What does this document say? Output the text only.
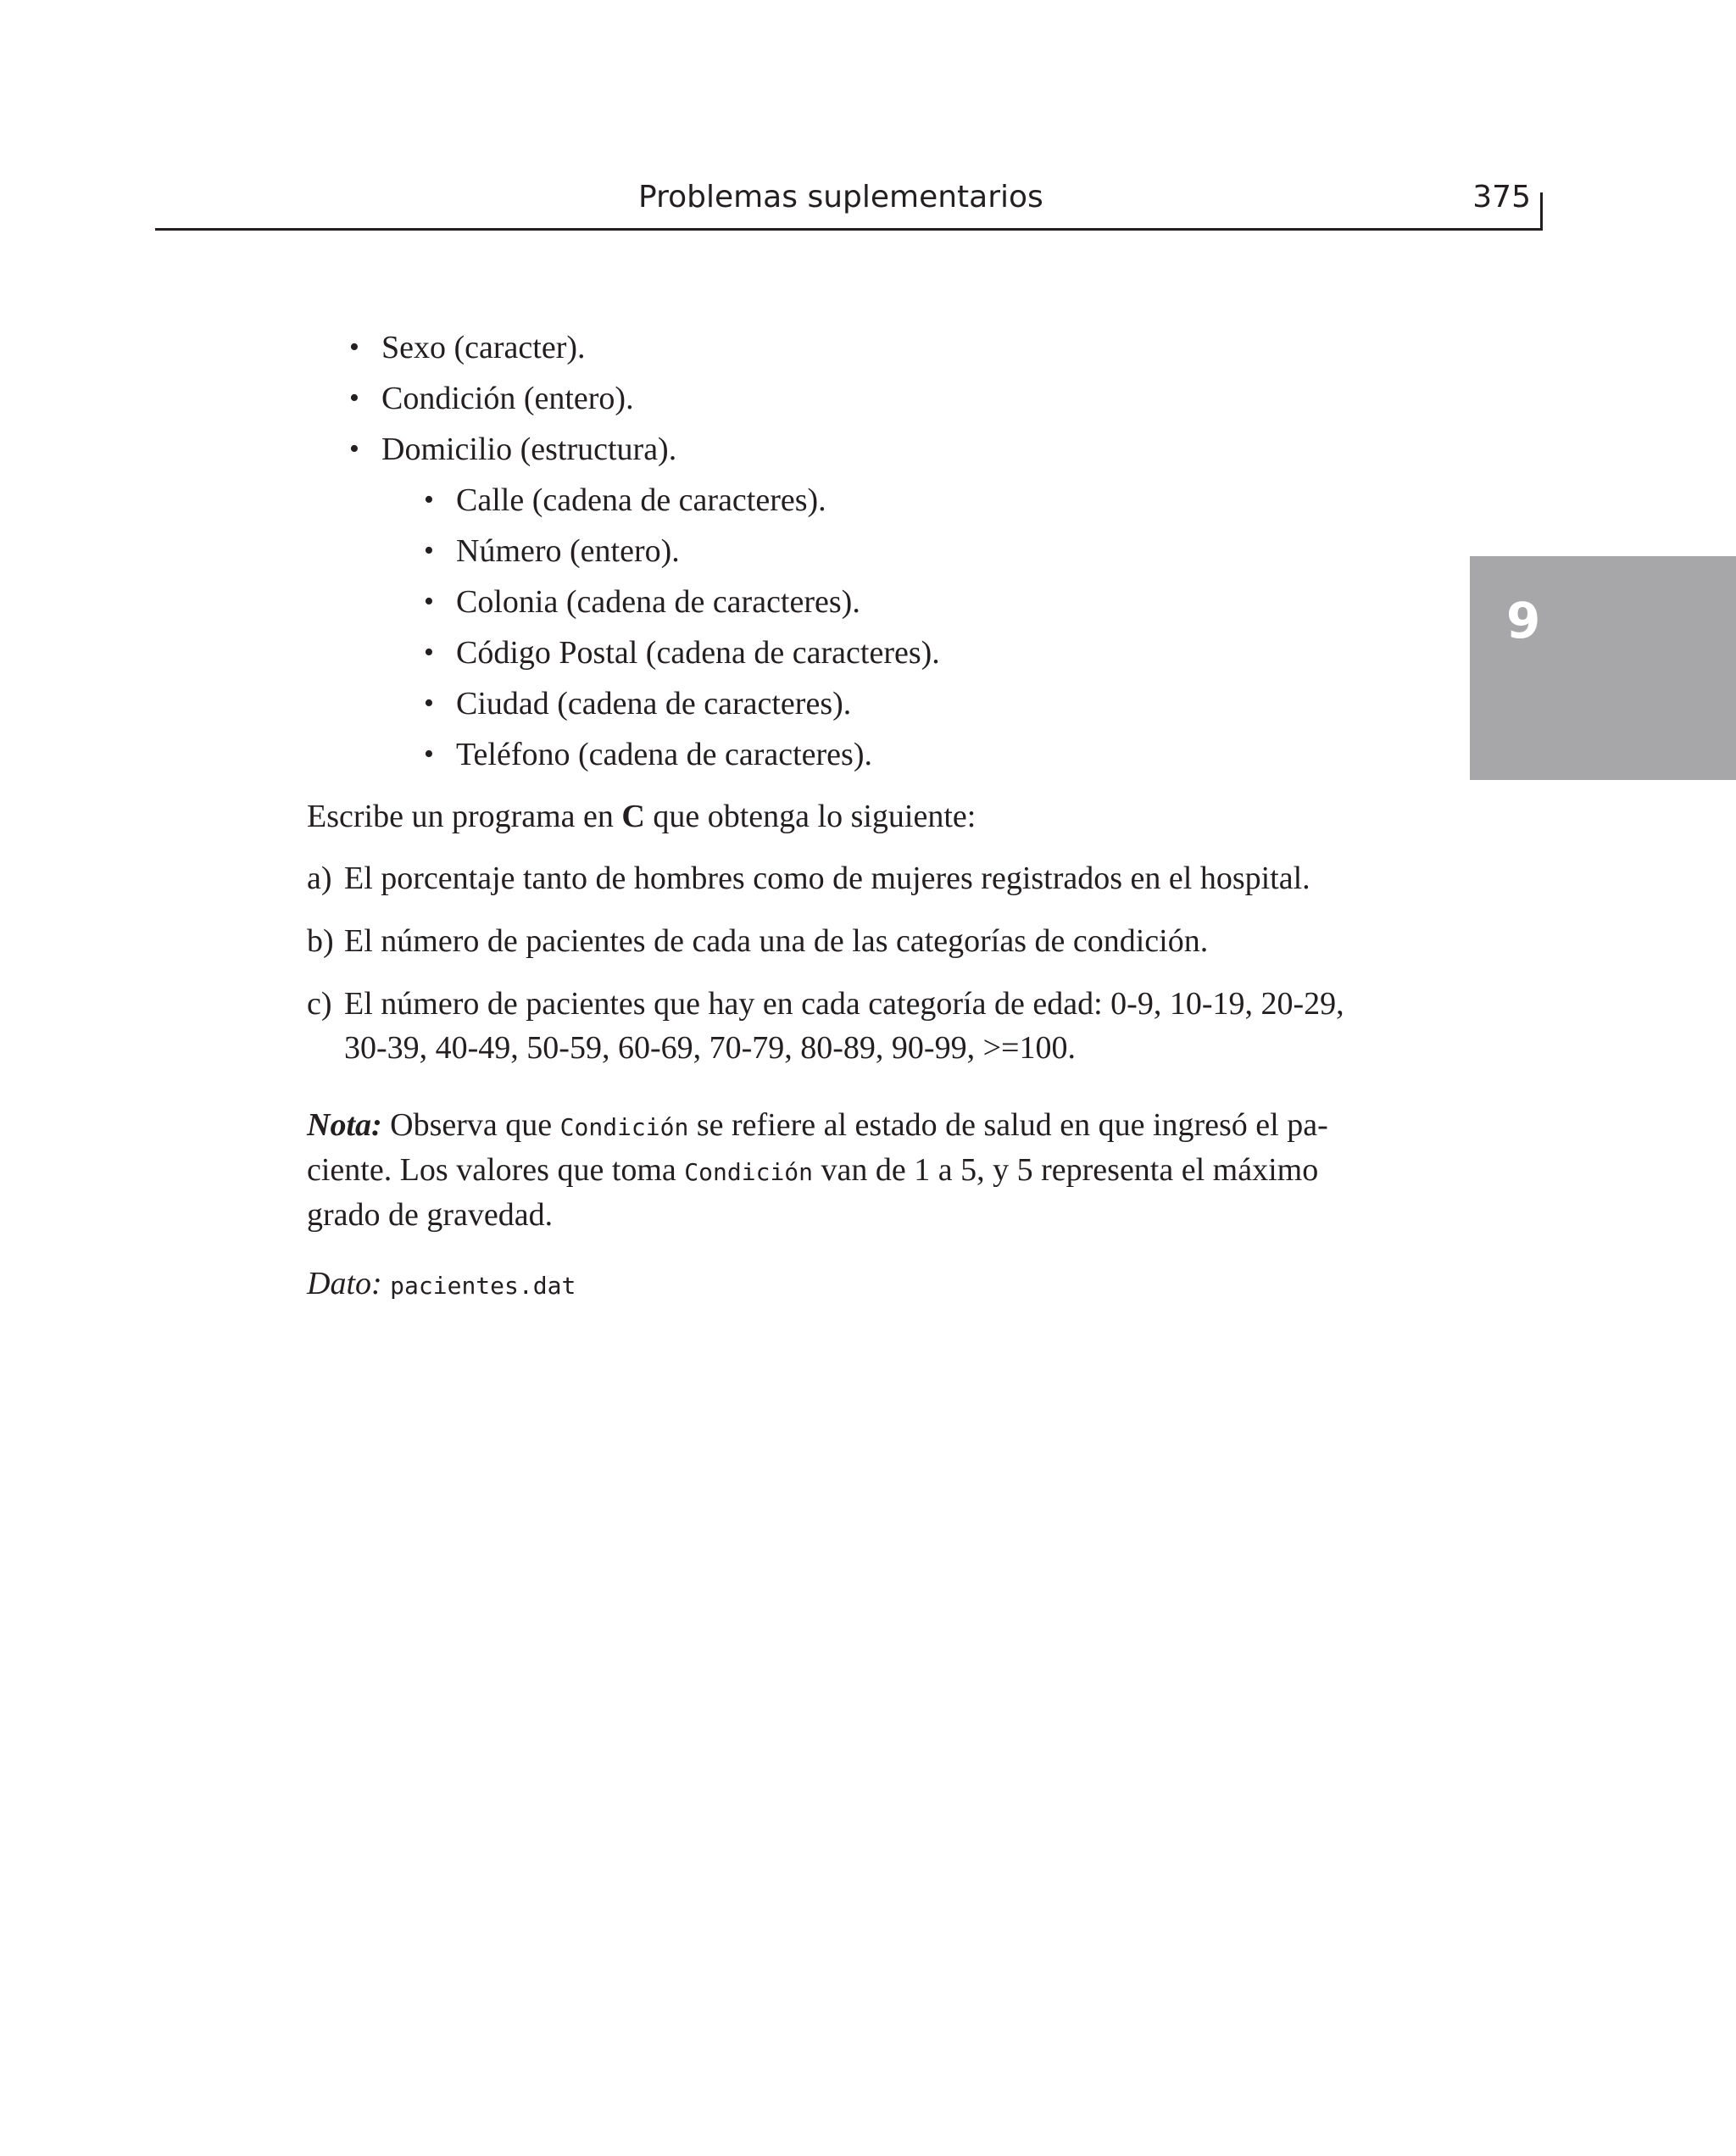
Problemas suplementarios	375
9
• Sexo (caracter).
• Condición (entero).
• Domicilio (estructura).
• Calle (cadena de caracteres).
• Número (entero).
• Colonia (cadena de caracteres).
• Código Postal (cadena de caracteres).
• Ciudad (cadena de caracteres).
• Teléfono (cadena de caracteres).

Escribe un programa en C que obtenga lo siguiente:

a) El porcentaje tanto de hombres como de mujeres registrados en el hospital.
b) El número de pacientes de cada una de las categorías de condición.
c) El número de pacientes que hay en cada categoría de edad: 0-9, 10-19, 20-29,
30-39, 40-49, 50-59, 60-69, 70-79, 80-89, 90-99, >=100.

Nota: Observa que Condición se refiere al estado de salud en que ingresó el pa-
ciente. Los valores que toma Condición van de 1 a 5, y 5 representa el máximo
grado de gravedad.

Dato: pacientes.dat
